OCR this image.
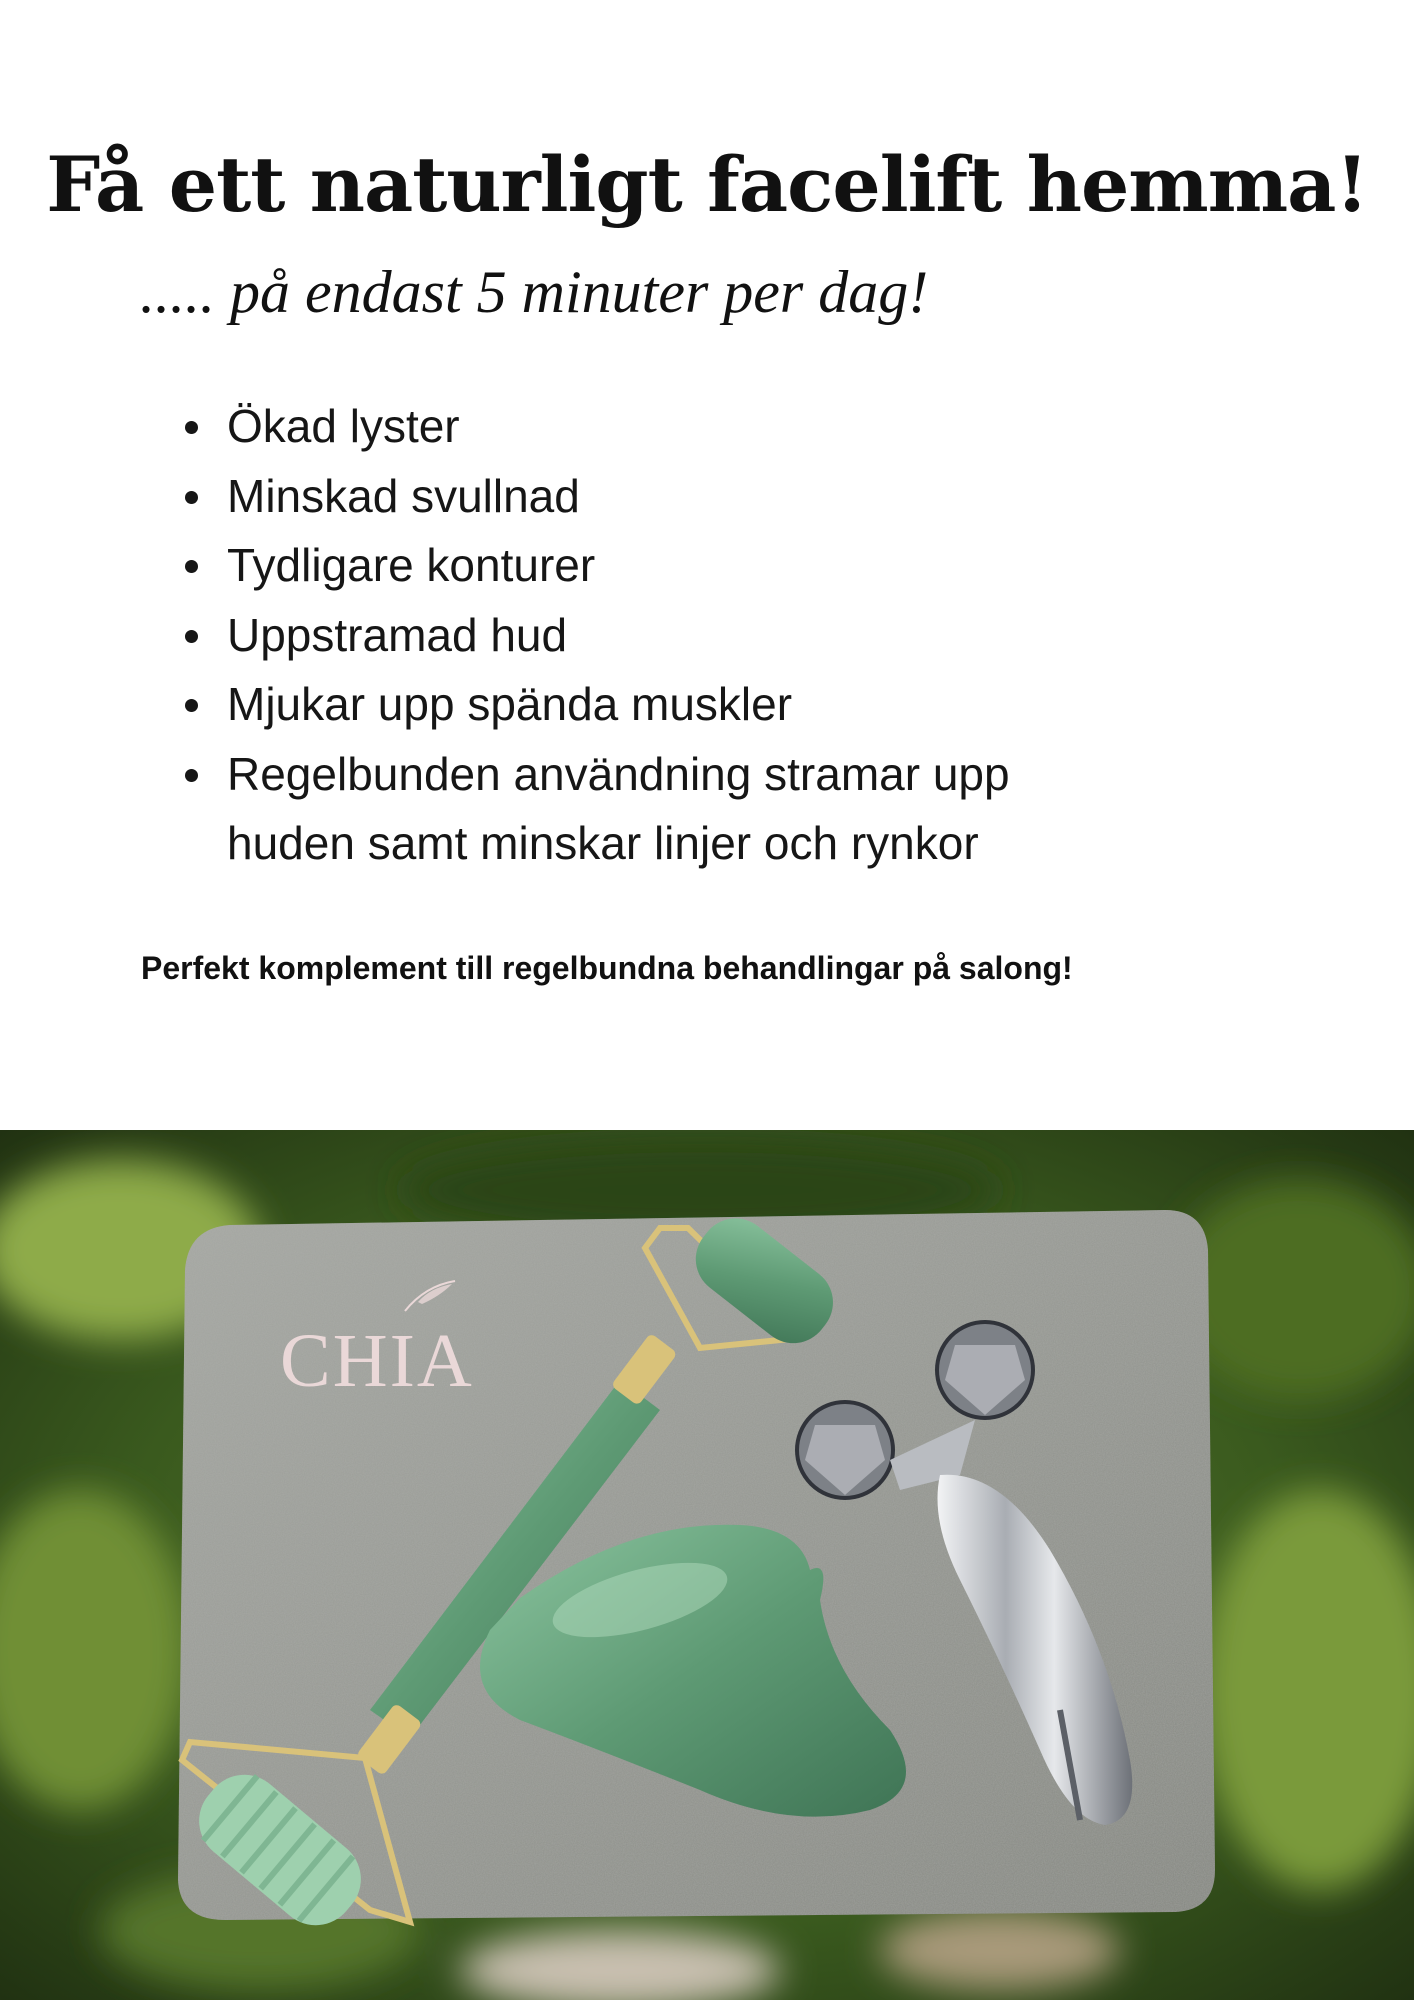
Få ett naturligt facelift hemma!

..... på endast 5 minuter per dag!

Ökad lyster
Minskad svullnad
Tydligare konturer
Uppstramad hud
Mjukar upp spända muskler
Regelbunden användning stramar upp
huden samt minskar linjer och rynkor

Perfekt komplement till regelbundna behandlingar på salong!

CHIA
